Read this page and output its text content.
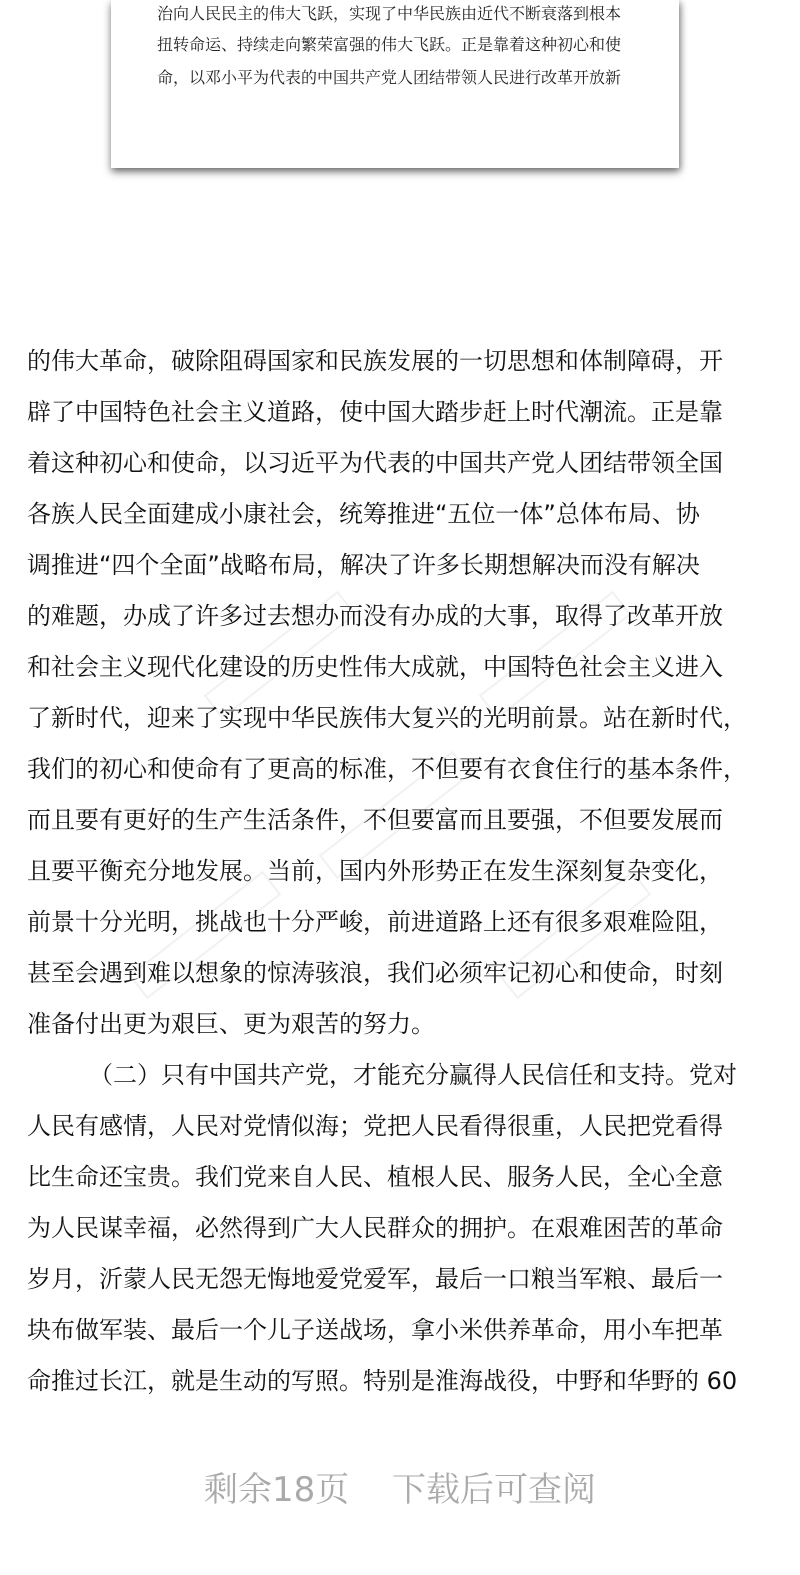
治向人民民主的伟大飞跃，实现了中华民族由近代不断衰落到根本
扭转命运、持续走向繁荣富强的伟大飞跃。正是靠着这种初心和使
命，以邓小平为代表的中国共产党人团结带领人民进行改革开放新
的伟大革命，破除阻碍国家和民族发展的一切思想和体制障碍，开
辟了中国特色社会主义道路，使中国大踏步赶上时代潮流。正是靠
着这种初心和使命，以习近平为代表的中国共产党人团结带领全国
各族人民全面建成小康社会，统筹推进“五位一体”总体布局、协
调推进“四个全面”战略布局，解决了许多长期想解决而没有解决
的难题，办成了许多过去想办而没有办成的大事，取得了改革开放
和社会主义现代化建设的历史性伟大成就，中国特色社会主义进入
了新时代，迎来了实现中华民族伟大复兴的光明前景。站在新时代，
我们的初心和使命有了更高的标准，不但要有衣食住行的基本条件，
而且要有更好的生产生活条件，不但要富而且要强，不但要发展而
且要平衡充分地发展。当前，国内外形势正在发生深刻复杂变化，
前景十分光明，挑战也十分严峻，前进道路上还有很多艰难险阻，
甚至会遇到难以想象的惊涛骇浪，我们必须牢记初心和使命，时刻
准备付出更为艰巨、更为艰苦的努力。
（二）只有中国共产党，才能充分赢得人民信任和支持。党对
人民有感情，人民对党情似海；党把人民看得很重，人民把党看得
比生命还宝贵。我们党来自人民、植根人民、服务人民，全心全意
为人民谋幸福，必然得到广大人民群众的拥护。在艰难困苦的革命
岁月，沂蒙人民无怨无悔地爱党爱军，最后一口粮当军粮、最后一
块布做军装、最后一个儿子送战场，拿小米供养革命，用小车把革
命推过长江，就是生动的写照。特别是淮海战役，中野和华野的 60
剩余18页 下载后可查阅
